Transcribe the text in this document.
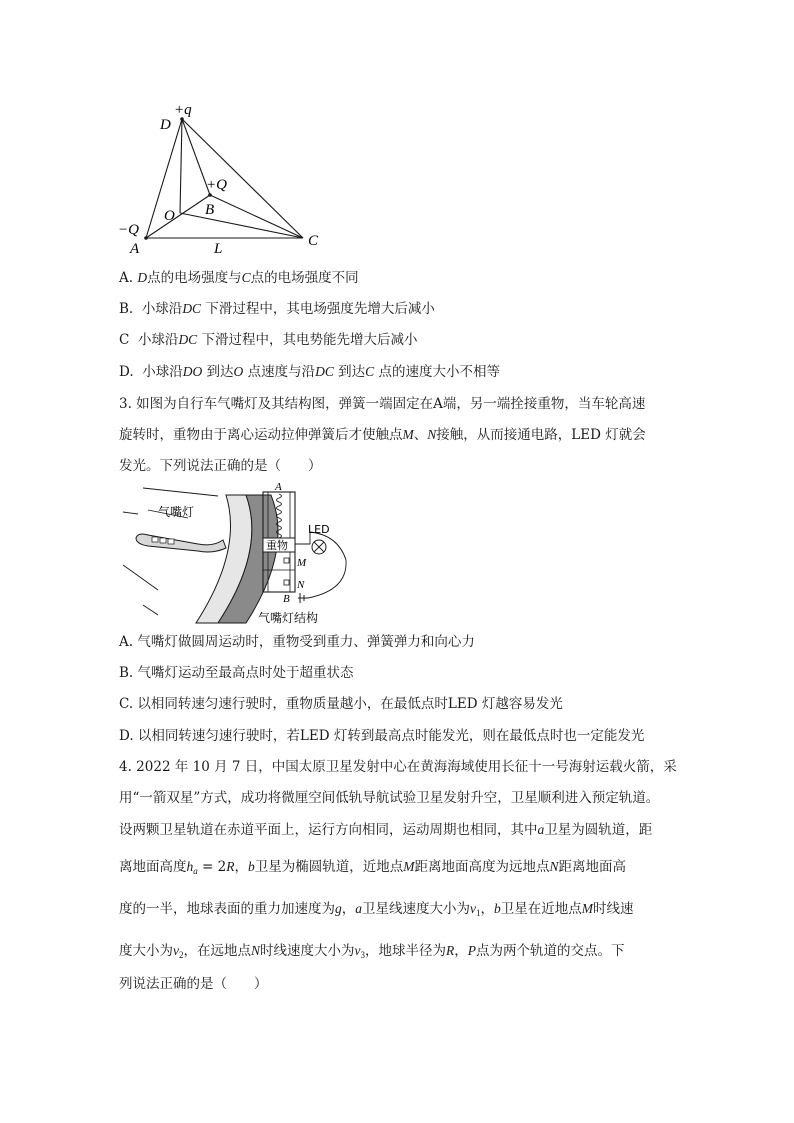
+q
D
+Q
B
O
−Q
A	L	C
A. D点的电场强度与C点的电场强度不同
B. 小球沿DC 下滑过程中，其电场强度先增大后减小
C 小球沿DC 下滑过程中，其电势能先增大后减小
D. 小球沿DO 到达O 点速度与沿DC 到达C 点的速度大小不相等
3. 如图为自行车气嘴灯及其结构图，弹簧一端固定在A端，另一端拴接重物，当车轮高速
旋转时，重物由于离心运动拉伸弹簧后才使触点M、N接触，从而接通电路，LED 灯就会
发光。下列说法正确的是（　　）
气嘴灯
重物
A
M
N
B
LED
气嘴灯结构
A. 气嘴灯做圆周运动时，重物受到重力、弹簧弹力和向心力
B. 气嘴灯运动至最高点时处于超重状态
C. 以相同转速匀速行驶时，重物质量越小，在最低点时LED 灯越容易发光
D. 以相同转速匀速行驶时，若LED 灯转到最高点时能发光，则在最低点时也一定能发光
4. 2022 年 10 月 7 日，中国太原卫星发射中心在黄海海域使用长征十一号海射运载火箭，采
用“一箭双星”方式，成功将微厘空间低轨导航试验卫星发射升空，卫星顺利进入预定轨道。
设两颗卫星轨道在赤道平面上，运行方向相同，运动周期也相同，其中a卫星为圆轨道，距
离地面高度$h_a = 2R$，b卫星为椭圆轨道，近地点M距离地面高度为远地点N距离地面高
度的一半，地球表面的重力加速度为g，a卫星线速度大小为$v_1$，b卫星在近地点M时线速
度大小为$v_2$，在远地点N时线速度大小为$v_3$，地球半径为R，P点为两个轨道的交点。下
列说法正确的是（　　）
